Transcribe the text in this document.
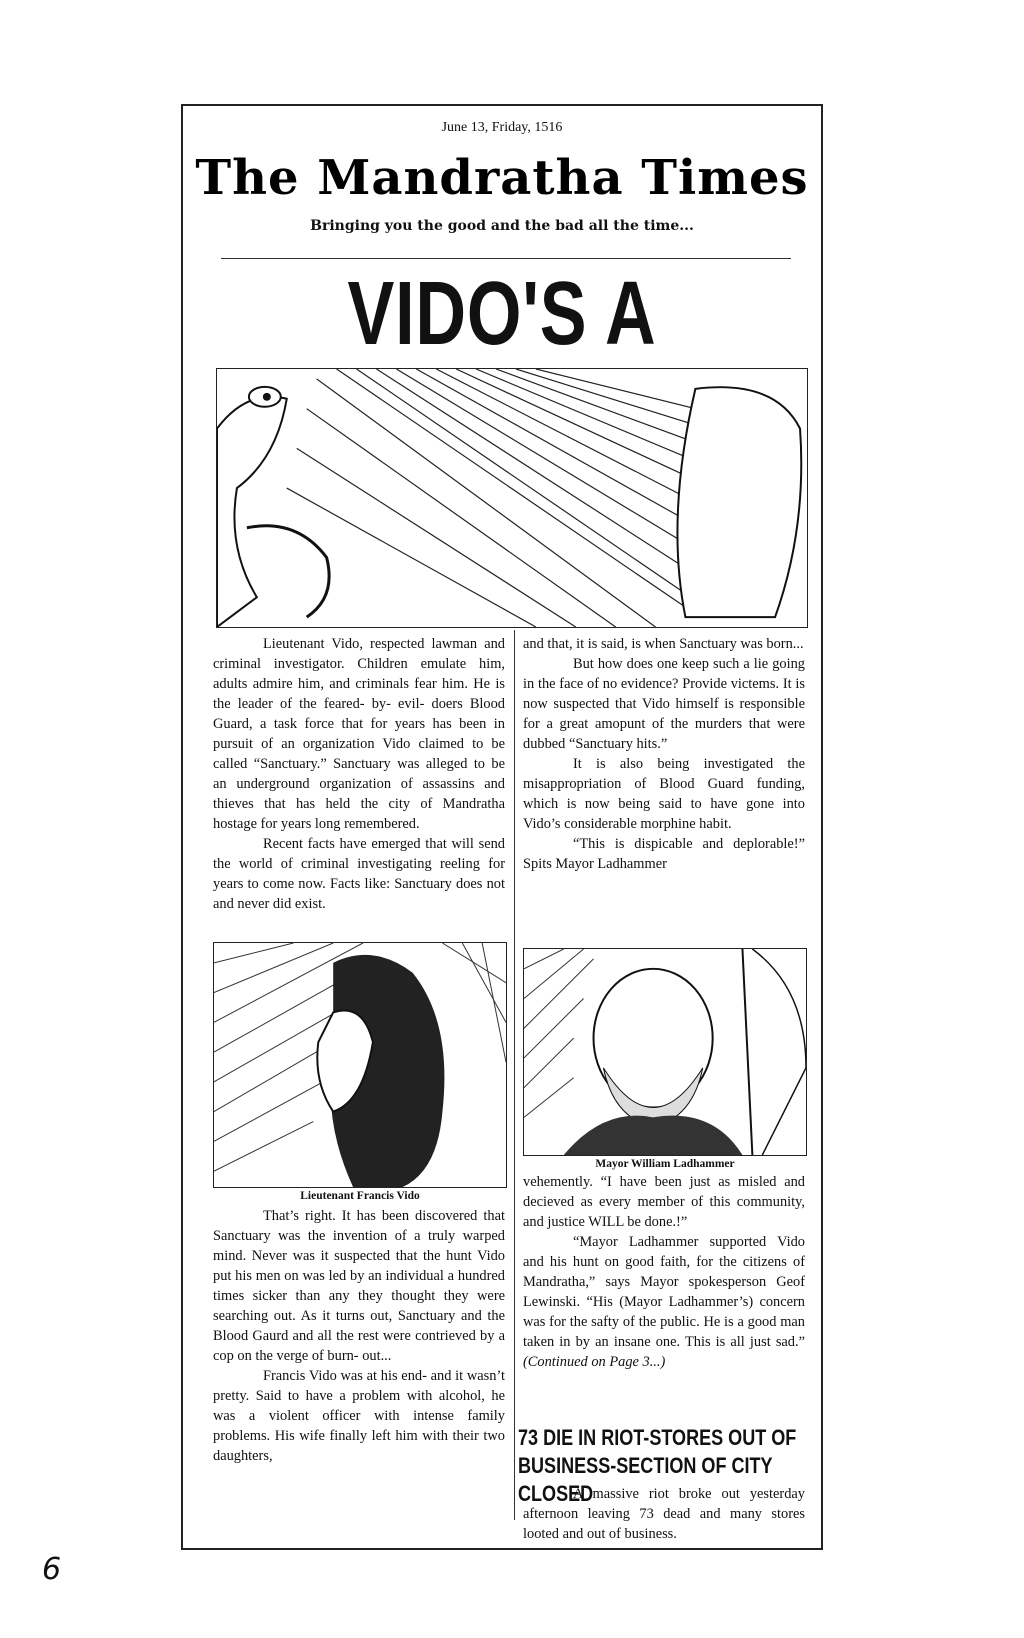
June 13, Friday, 1516
The Mandratha Times
Bringing you the good and the bad all the time...
VIDO'S A

Lieutenant Vido, respected lawman and criminal investigator. Children emulate him, adults admire him, and criminals fear him. He is the leader of the feared- by- evil- doers Blood Guard, a task force that for years has been in pursuit of an organization Vido claimed to be called “Sanctuary.” Sanctuary was alleged to be an underground organization of assassins and thieves that has held the city of Mandratha hostage for years long remembered.

Recent facts have emerged that will send the world of criminal investigating reeling for years to come now. Facts like: Sanctuary does not and never did exist.

Lieutenant Francis Vido

That’s right. It has been discovered that Sanctuary was the invention of a truly warped mind. Never was it suspected that the hunt Vido put his men on was led by an individual a hundred times sicker than any they thought they were searching out. As it turns out, Sanctuary and the Blood Gaurd and all the rest were contrieved by a cop on the verge of burn- out...

Francis Vido was at his end- and it wasn’t pretty. Said to have a problem with alcohol, he was a violent officer with intense family problems. His wife finally left him with their two daughters,

and that, it is said, is when Sanctuary was born...

But how does one keep such a lie going in the face of no evidence? Provide victems. It is now suspected that Vido himself is responsible for a great amopunt of the murders that were dubbed “Sanctuary hits.”

It is also being investigated the misappropriation of Blood Guard funding, which is now being said to have gone into Vido’s considerable morphine habit.

“This is dispicable and deplorable!” Spits Mayor Ladhammer

Mayor William Ladhammer

vehemently. “I have been just as misled and decieved as every member of this community, and justice WILL be done.!”

“Mayor Ladhammer supported Vido and his hunt on good faith, for the citizens of Mandratha,” says Mayor spokesperson Geof Lewinski. “His (Mayor Ladhammer’s) concern was for the safty of the public. He is a good man taken in by an insane one. This is all just sad.” (Continued on Page 3...)

73 DIE IN RIOT-STORES OUT OF BUSINESS-SECTION OF CITY CLOSED

A massive riot broke out yesterday afternoon leaving 73 dead and many stores looted and out of business.

6
